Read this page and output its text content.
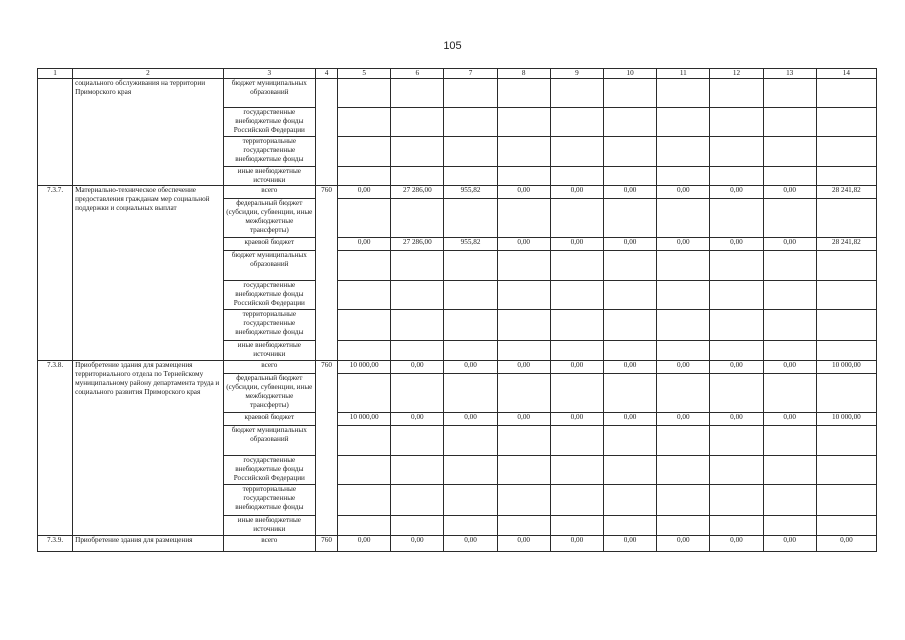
105
1	2	3	4	5	6	7	8	9	10	11	12	13	14
	социального обслуживания на территории Приморского края	бюджет муниципальных образований											
		государственные внебюджетные фонды Российской Федерации											
		территориальные государственные внебюджетные фонды											
		иные внебюджетные источники											
7.3.7.	Материально-техническое обеспечение предоставления гражданам мер социальной поддержки и социальных выплат	всего	760	0,00	27 286,00	955,82	0,00	0,00	0,00	0,00	0,00	0,00	28 241,82
		федеральный бюджет (субсидии, субвенции, иные межбюджетные трансферты)											
		краевой бюджет		0,00	27 286,00	955,82	0,00	0,00	0,00	0,00	0,00	0,00	28 241,82
		бюджет муниципальных образований											
		государственные внебюджетные фонды Российской Федерации											
		территориальные государственные внебюджетные фонды											
		иные внебюджетные источники											
7.3.8.	Приобретение здания для размещения территориального отдела по Тернейскому муниципальному району департамента труда и социального развития Приморского края	всего	760	10 000,00	0,00	0,00	0,00	0,00	0,00	0,00	0,00	0,00	10 000,00
		федеральный бюджет (субсидии, субвенции, иные межбюджетные трансферты)											
		краевой бюджет		10 000,00	0,00	0,00	0,00	0,00	0,00	0,00	0,00	0,00	10 000,00
		бюджет муниципальных образований											
		государственные внебюджетные фонды Российской Федерации											
		территориальные государственные внебюджетные фонды											
		иные внебюджетные источники											
7.3.9.	Приобретение здания для размещения	всего	760	0,00	0,00	0,00	0,00	0,00	0,00	0,00	0,00	0,00	0,00
